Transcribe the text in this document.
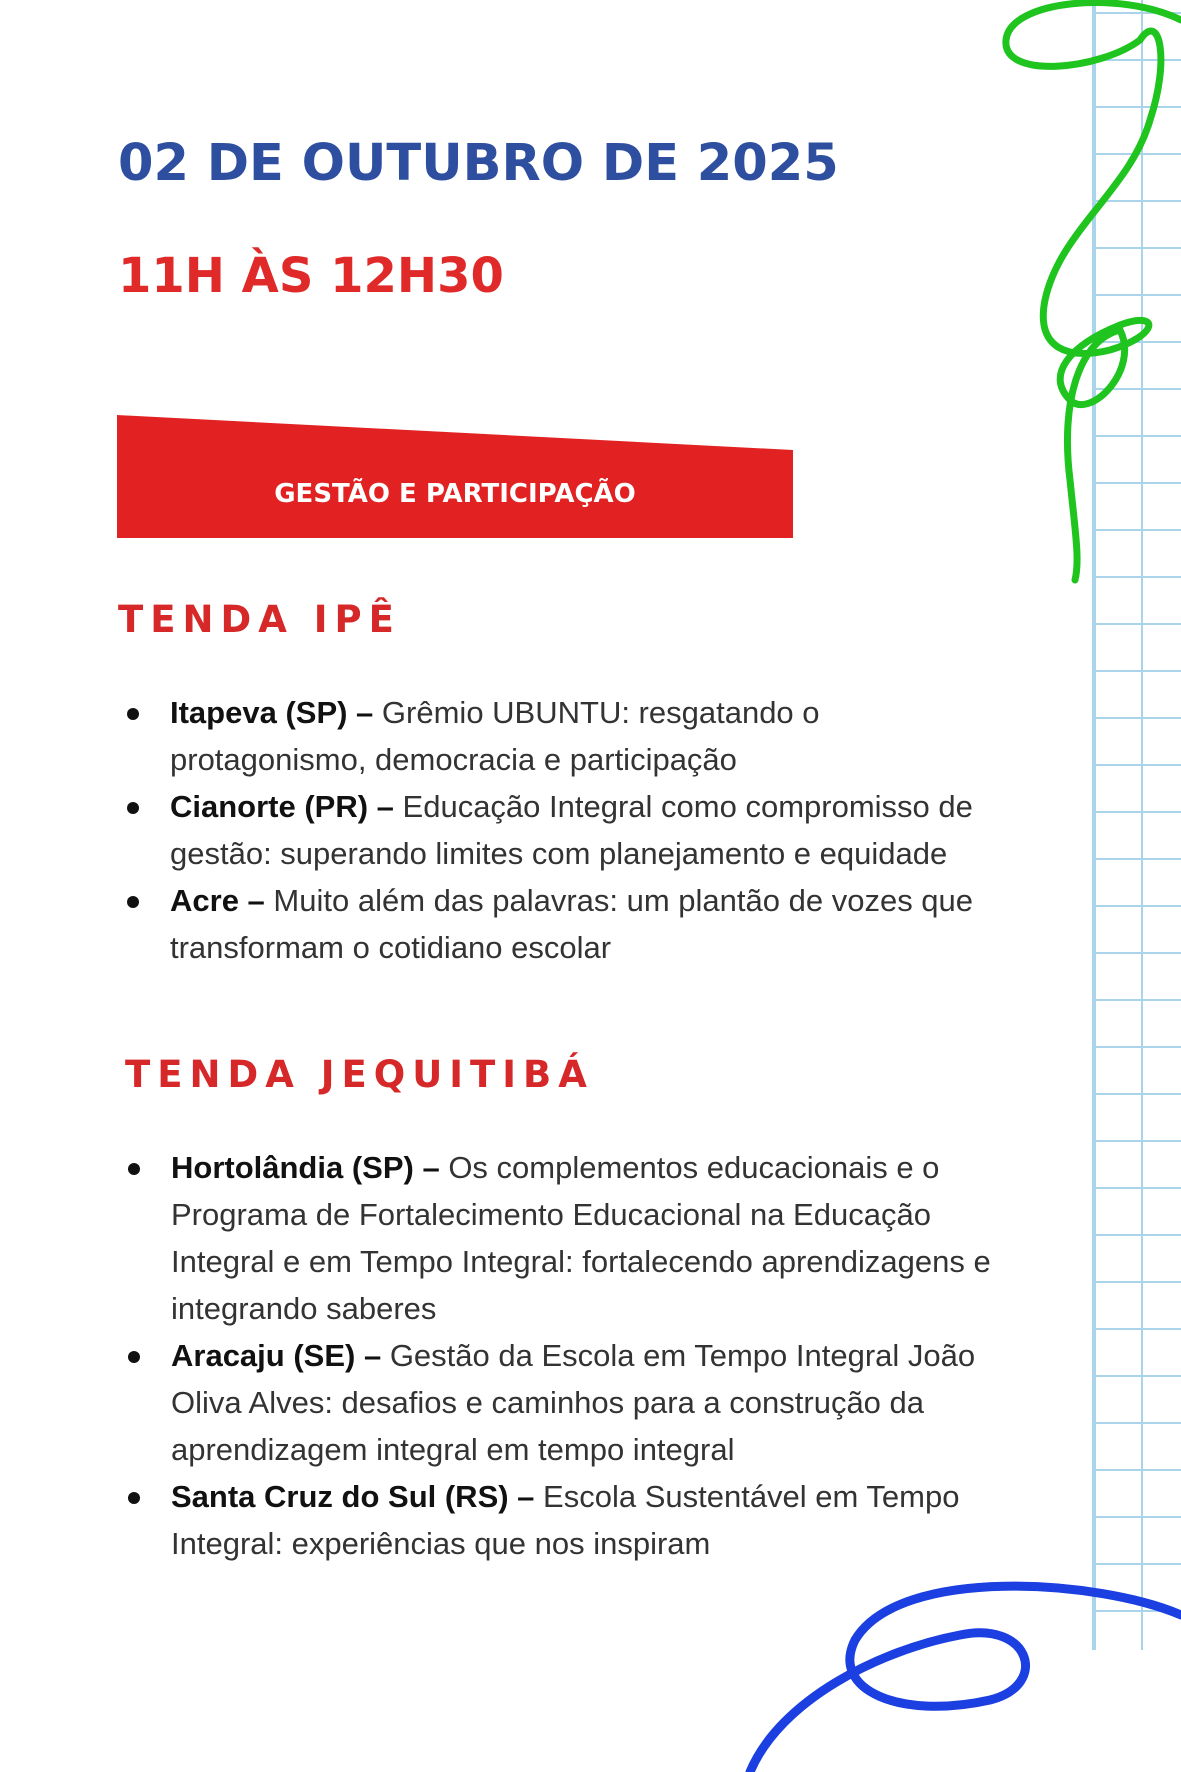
02 DE OUTUBRO DE 2025
11H ÀS 12H30
GESTÃO E PARTICIPAÇÃO
TENDA IPÊ
Itapeva (SP) – Grêmio UBUNTU: resgatando o protagonismo, democracia e participação
Cianorte (PR) – Educação Integral como compromisso de gestão: superando limites com planejamento e equidade
Acre – Muito além das palavras: um plantão de vozes que transformam o cotidiano escolar
TENDA JEQUITIBÁ
Hortolândia (SP) – Os complementos educacionais e o Programa de Fortalecimento Educacional na Educação Integral e em Tempo Integral: fortalecendo aprendizagens e integrando saberes
Aracaju (SE) – Gestão da Escola em Tempo Integral João Oliva Alves: desafios e caminhos para a construção da aprendizagem integral em tempo integral
Santa Cruz do Sul (RS) – Escola Sustentável em Tempo Integral: experiências que nos inspiram
